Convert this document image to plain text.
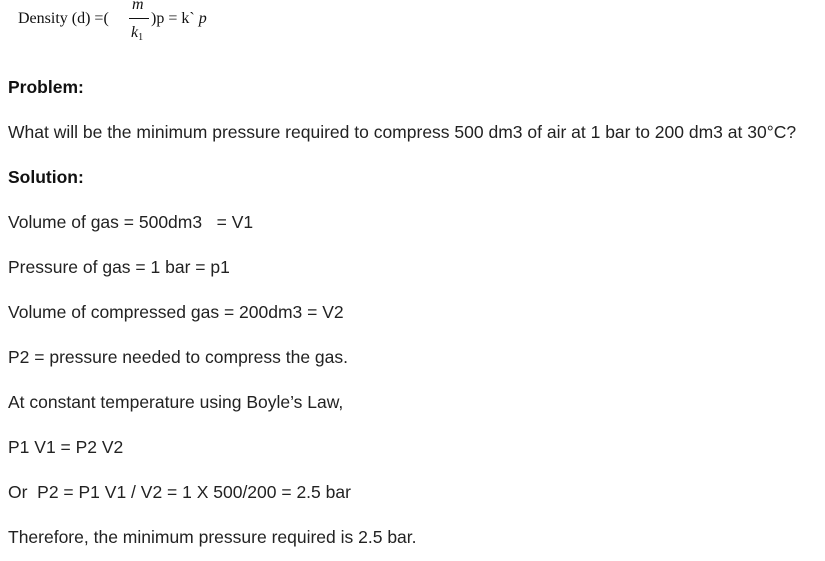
Density (d) =(
m
$k_1$
)p = k` p
Problem:
What will be the minimum pressure required to compress 500 dm3 of air at 1 bar to 200 dm3 at 30°C?
Solution:
Volume of gas = 500dm3   = V1
Pressure of gas = 1 bar = p1
Volume of compressed gas = 200dm3 = V2
P2 = pressure needed to compress the gas.
At constant temperature using Boyle’s Law,
P1 V1 = P2 V2
Or  P2 = P1 V1 / V2 = 1 X 500/200 = 2.5 bar
Therefore, the minimum pressure required is 2.5 bar.
